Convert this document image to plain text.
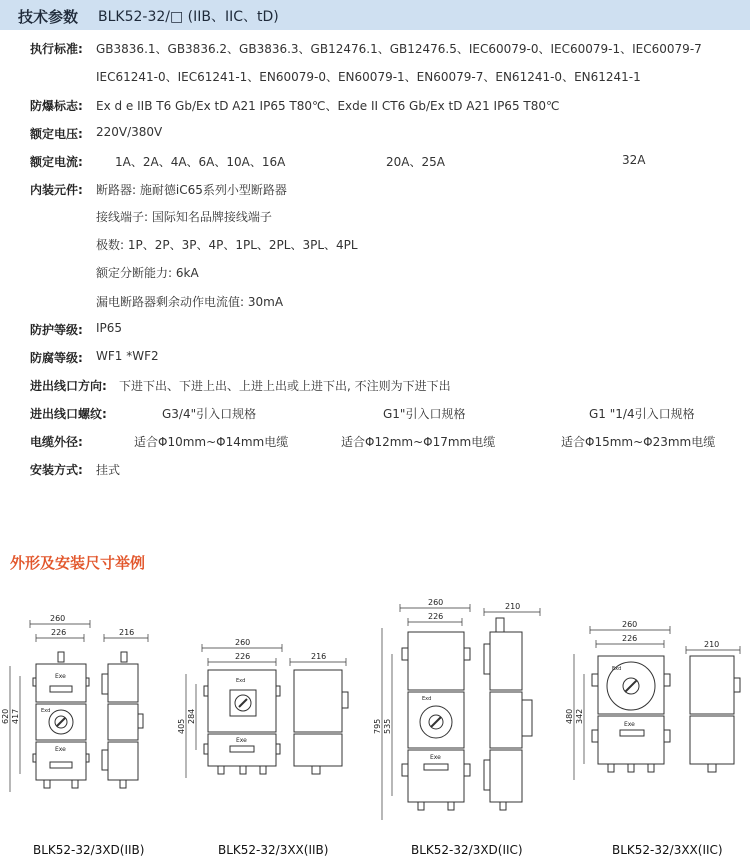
技术参数 BLK52-32/□ (IIB、IIC、tD)
执行标准: GB3836.1、GB3836.2、GB3836.3、GB12476.1、GB12476.5、IEC60079-0、IEC60079-1、IEC60079-7
IEC61241-0、IEC61241-1、EN60079-0、EN60079-1、EN60079-7、EN61241-0、EN61241-1
防爆标志: Ex d e IIB T6 Gb/Ex tD A21 IP65 T80℃、Exde II CT6 Gb/Ex tD A21 IP65 T80℃
额定电压: 220V/380V
额定电流:	1A、2A、4A、6A、10A、16A	20A、25A	32A
内装元件: 断路器: 施耐德iC65系列小型断路器
接线端子: 国际知名品牌接线端子
极数: 1P、2P、3P、4P、1PL、2PL、3PL、4PL
额定分断能力: 6kA
漏电断路器剩余动作电流值: 30mA
防护等级: IP65
防腐等级: WF1 *WF2
进出线口方向: 下进下出、下进上出、上进上出或上进下出, 不注则为下进下出
进出线口螺纹:	G3/4"引入口规格	G1"引入口规格	G1 "1/4引入口规格
电缆外径:	适合Φ10mm~Φ14mm电缆	适合Φ12mm~Φ17mm电缆	适合Φ15mm~Φ23mm电缆
安装方式: 挂式
外形及安装尺寸举例
260
226	216
620 417
Exe
Exd
Exe
260
226	216
405
284
Exd
Exe
260
226
210
795 535
Exd
Exe
260
226
210
480 342
Exd
Exe
BLK52-32/3XD(IIB)	BLK52-32/3XX(IIB)	BLK52-32/3XD(IIC)	BLK52-32/3XX(IIC)
